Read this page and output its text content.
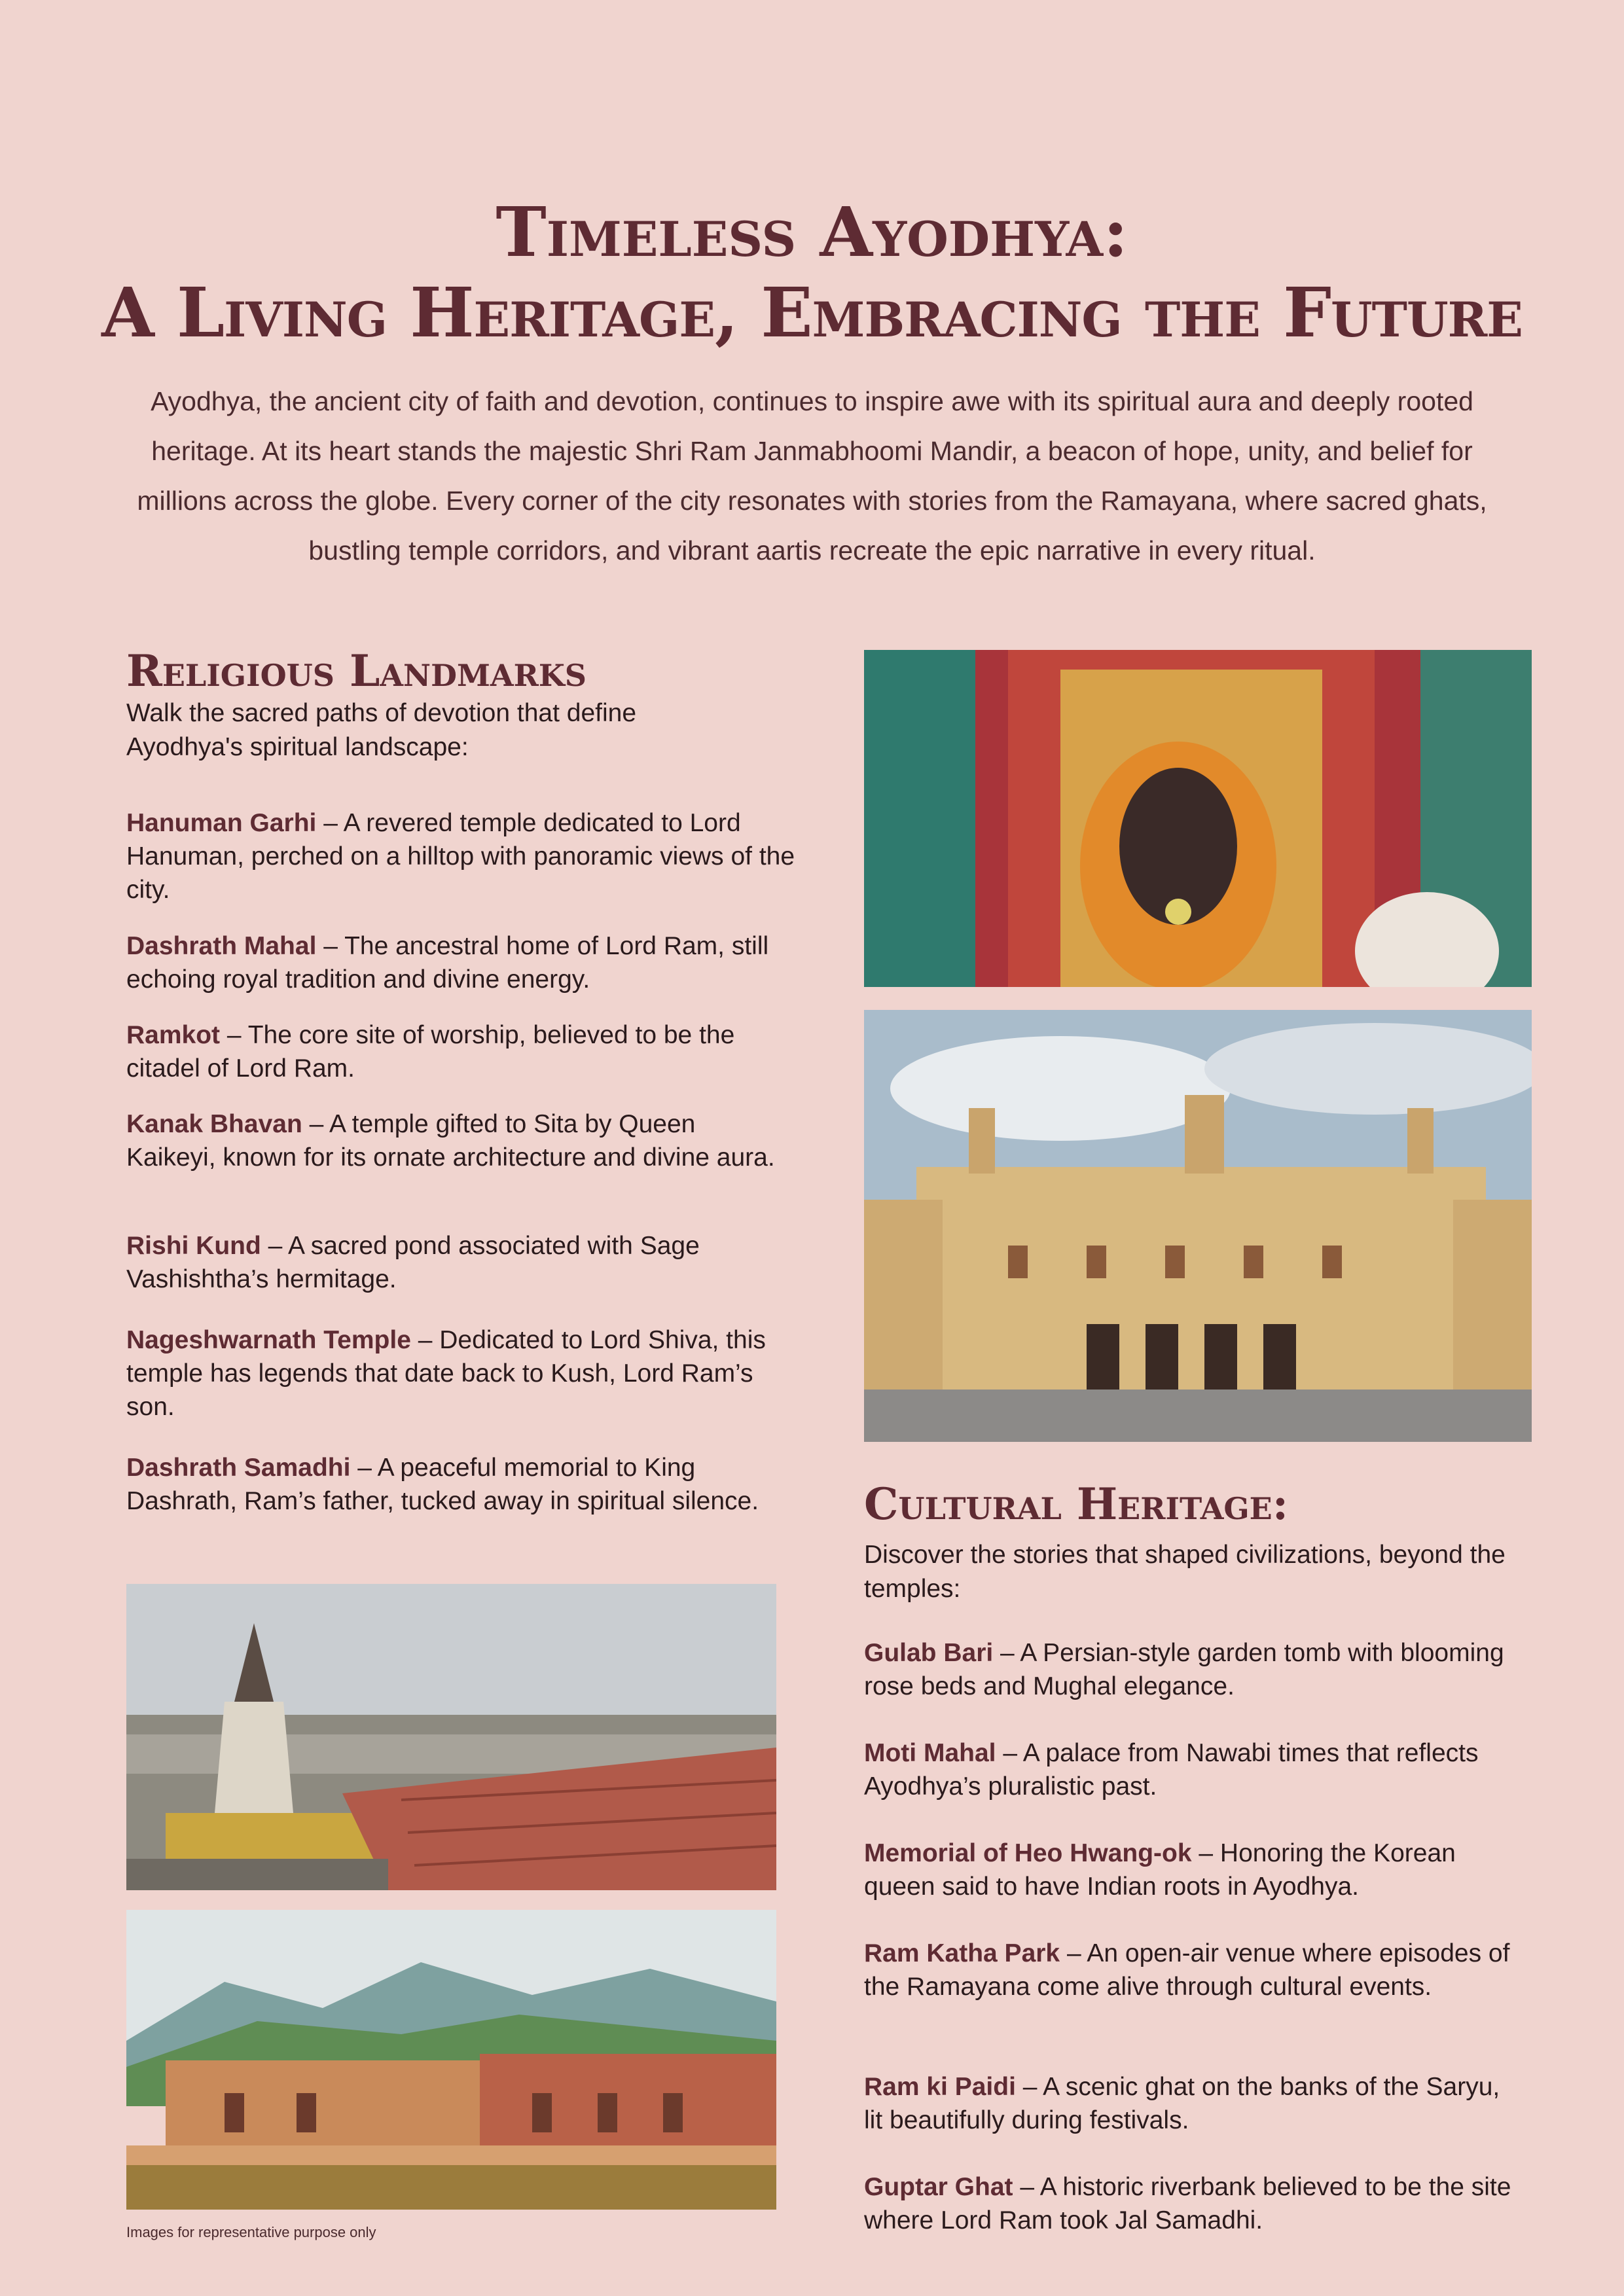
Timeless Ayodhya:
A Living Heritage, Embracing the Future

Ayodhya, the ancient city of faith and devotion, continues to inspire awe with its spiritual aura and deeply rooted heritage. At its heart stands the majestic Shri Ram Janmabhoomi Mandir, a beacon of hope, unity, and belief for millions across the globe. Every corner of the city resonates with stories from the Ramayana, where sacred ghats, bustling temple corridors, and vibrant aartis recreate the epic narrative in every ritual.

Religious Landmarks

Walk the sacred paths of devotion that define Ayodhya's spiritual landscape:

Hanuman Garhi – A revered temple dedicated to Lord Hanuman, perched on a hilltop with panoramic views of the city.

Dashrath Mahal – The ancestral home of Lord Ram, still echoing royal tradition and divine energy.

Ramkot – The core site of worship, believed to be the citadel of Lord Ram.

Kanak Bhavan – A temple gifted to Sita by Queen Kaikeyi, known for its ornate architecture and divine aura.

Rishi Kund – A sacred pond associated with Sage Vashishtha’s hermitage.

Nageshwarnath Temple – Dedicated to Lord Shiva, this temple has legends that date back to Kush, Lord Ram’s son.

Dashrath Samadhi – A peaceful memorial to King Dashrath, Ram’s father, tucked away in spiritual silence.

Images for representative purpose only

Cultural Heritage:

Discover the stories that shaped civilizations, beyond the temples:

Gulab Bari – A Persian-style garden tomb with blooming rose beds and Mughal elegance.

Moti Mahal – A palace from Nawabi times that reflects Ayodhya’s pluralistic past.

Memorial of Heo Hwang-ok – Honoring the Korean queen said to have Indian roots in Ayodhya.

Ram Katha Park – An open-air venue where episodes of the Ramayana come alive through cultural events.

Ram ki Paidi – A scenic ghat on the banks of the Saryu, lit beautifully during festivals.

Guptar Ghat – A historic riverbank believed to be the site where Lord Ram took Jal Samadhi.
